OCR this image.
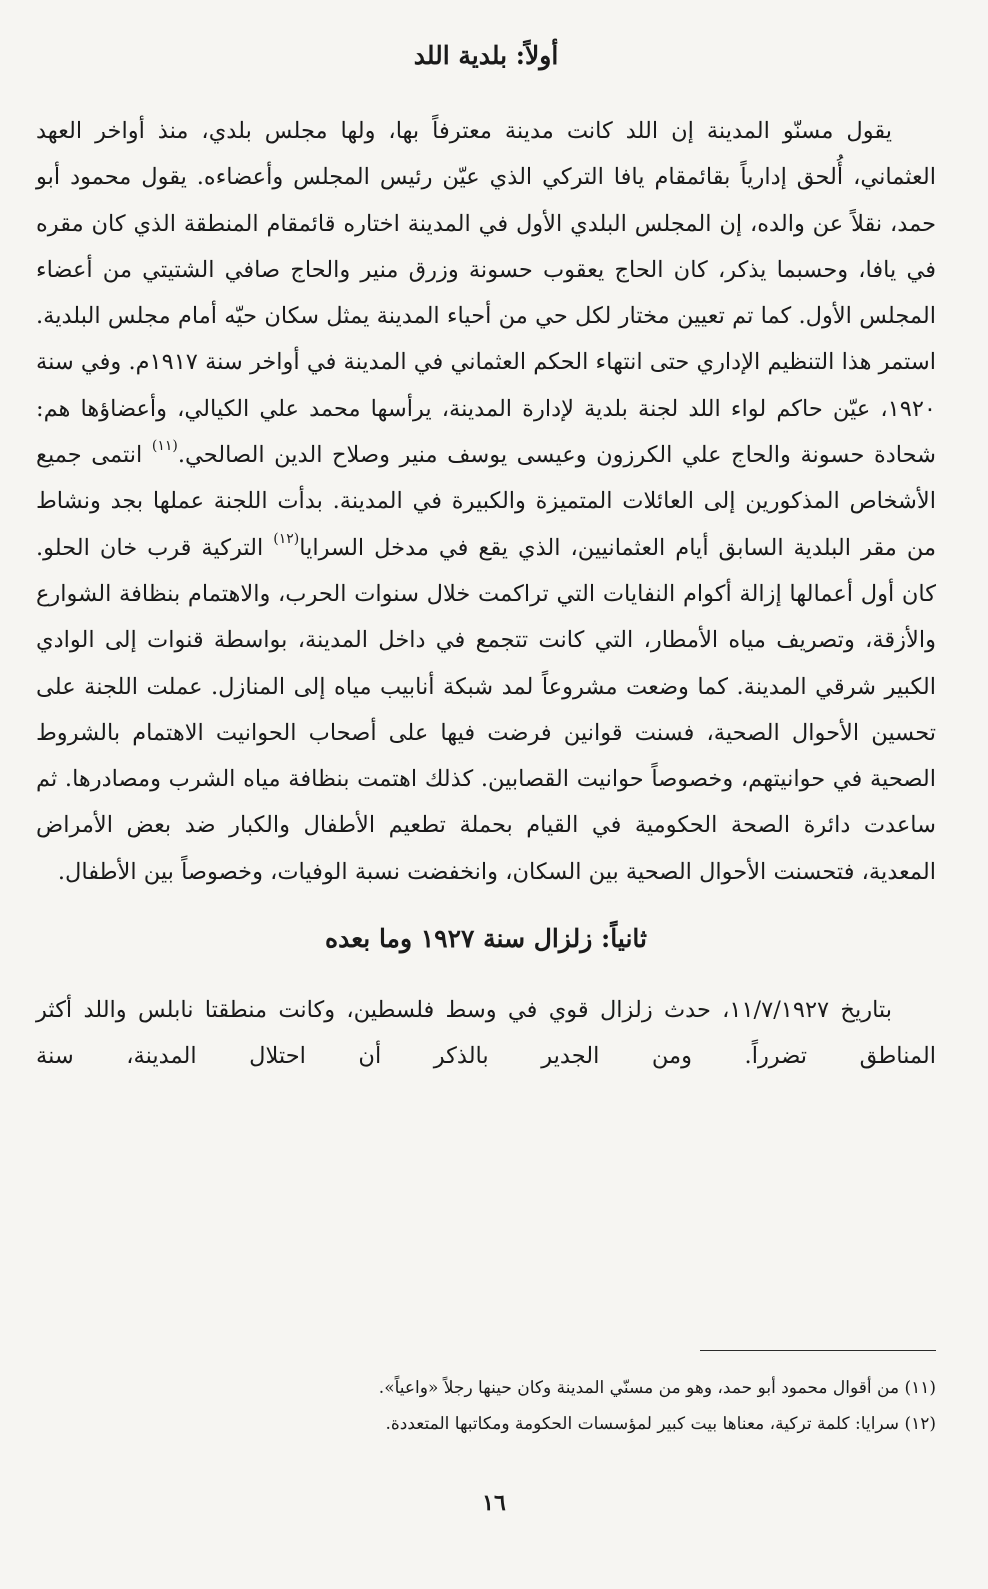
أولاً: بلدية اللد

يقول مسنّو المدينة إن اللد كانت مدينة معترفاً بها، ولها مجلس بلدي، منذ أواخر العهد العثماني، أُلحق إدارياً بقائمقام يافا التركي الذي عيّن رئيس المجلس وأعضاءه. يقول محمود أبو حمد، نقلاً عن والده، إن المجلس البلدي الأول في المدينة اختاره قائمقام المنطقة الذي كان مقره في يافا، وحسبما يذكر، كان الحاج يعقوب حسونة وزرق منير والحاج صافي الشتيتي من أعضاء المجلس الأول. كما تم تعيين مختار لكل حي من أحياء المدينة يمثل سكان حيّه أمام مجلس البلدية. استمر هذا التنظيم الإداري حتى انتهاء الحكم العثماني في المدينة في أواخر سنة ١٩١٧م. وفي سنة ١٩٢٠، عيّن حاكم لواء اللد لجنة بلدية لإدارة المدينة، يرأسها محمد علي الكيالي، وأعضاؤها هم: شحادة حسونة والحاج علي الكرزون وعيسى يوسف منير وصلاح الدين الصالحي.$^{(١١)}$ انتمى جميع الأشخاص المذكورين إلى العائلات المتميزة والكبيرة في المدينة. بدأت اللجنة عملها بجد ونشاط من مقر البلدية السابق أيام العثمانيين، الذي يقع في مدخل السرايا$^{(١٢)}$ التركية قرب خان الحلو. كان أول أعمالها إزالة أكوام النفايات التي تراكمت خلال سنوات الحرب، والاهتمام بنظافة الشوارع والأزقة، وتصريف مياه الأمطار، التي كانت تتجمع في داخل المدينة، بواسطة قنوات إلى الوادي الكبير شرقي المدينة. كما وضعت مشروعاً لمد شبكة أنابيب مياه إلى المنازل. عملت اللجنة على تحسين الأحوال الصحية، فسنت قوانين فرضت فيها على أصحاب الحوانيت الاهتمام بالشروط الصحية في حوانيتهم، وخصوصاً حوانيت القصابين. كذلك اهتمت بنظافة مياه الشرب ومصادرها. ثم ساعدت دائرة الصحة الحكومية في القيام بحملة تطعيم الأطفال والكبار ضد بعض الأمراض المعدية، فتحسنت الأحوال الصحية بين السكان، وانخفضت نسبة الوفيات، وخصوصاً بين الأطفال.

ثانياً: زلزال سنة ١٩٢٧ وما بعده

بتاريخ ١١/٧/١٩٢٧، حدث زلزال قوي في وسط فلسطين، وكانت منطقتا نابلس واللد أكثر المناطق تضرراً. ومن الجدير بالذكر أن احتلال المدينة، سنة

(١١) من أقوال محمود أبو حمد، وهو من مسنّي المدينة وكان حينها رجلاً «واعياً».

(١٢) سرايا: كلمة تركية، معناها بيت كبير لمؤسسات الحكومة ومكاتبها المتعددة.

١٦
